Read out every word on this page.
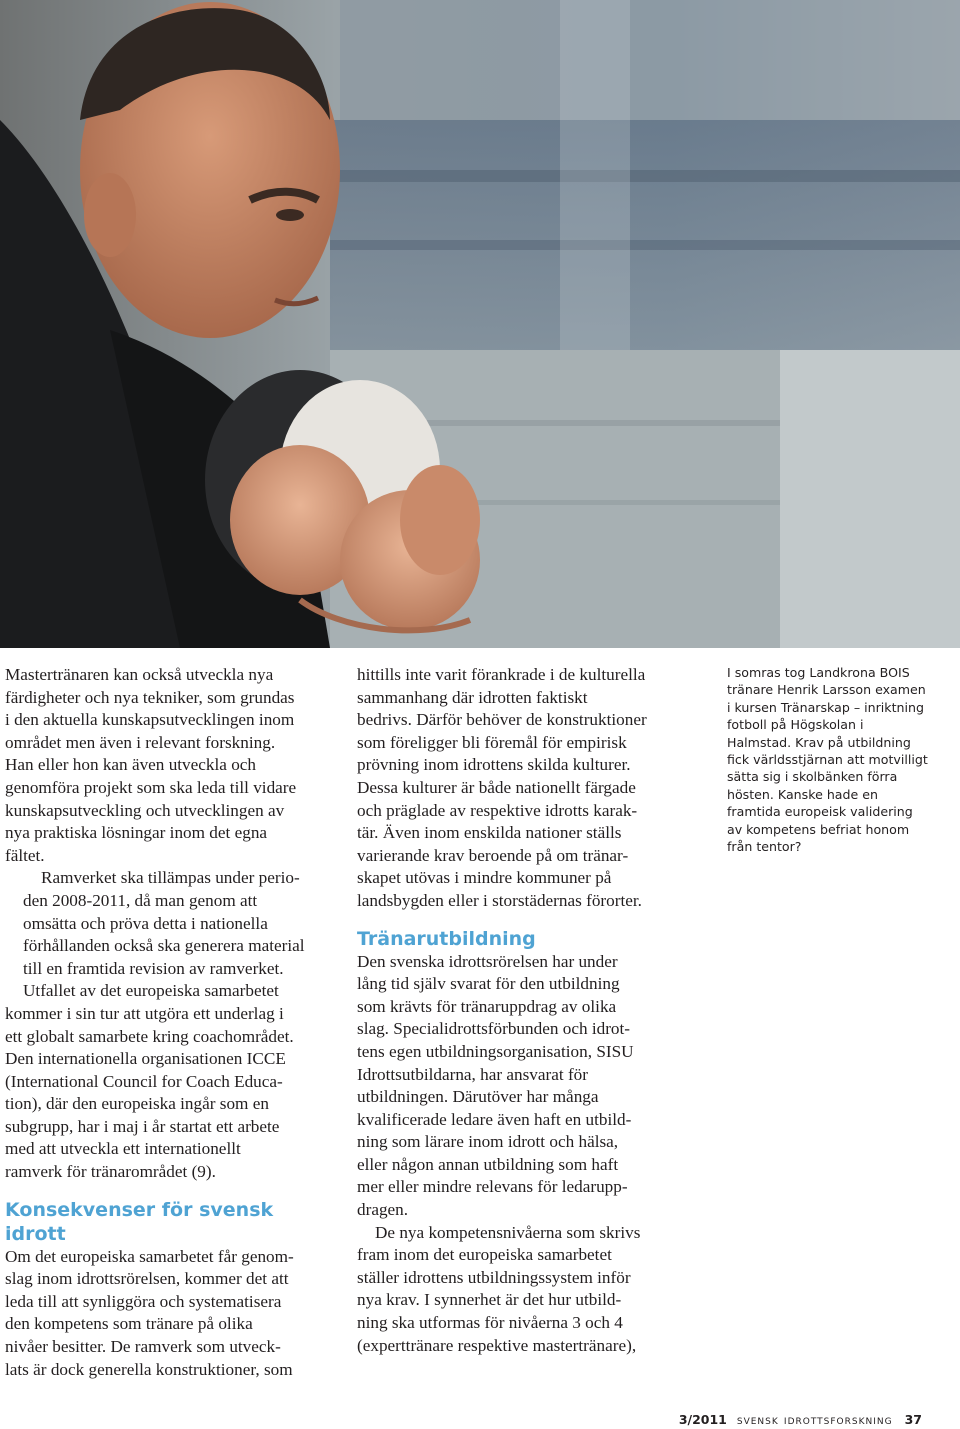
Mastertränaren kan också utveckla nya
färdigheter och nya tekniker, som grundas
i den aktuella kunskapsutvecklingen inom
området men även i relevant forskning.
Han eller hon kan även utveckla och
genomföra projekt som ska leda till vidare
kunskapsutveckling och utvecklingen av
nya praktiska lösningar inom det egna
fältet.

Ramverket ska tillämpas under perio-
den 2008-2011, då man genom att
omsätta och pröva detta i nationella
förhållanden också ska generera material
till en framtida revision av ramverket.

Utfallet av det europeiska samarbetet
kommer i sin tur att utgöra ett underlag i
ett globalt samarbete kring coachområdet.
Den internationella organisationen ICCE
(International Council for Coach Educa-
tion), där den europeiska ingår som en
subgrupp, har i maj i år startat ett arbete
med att utveckla ett internationellt
ramverk för tränarområdet (9).

Konsekvenser för svensk idrott

Om det europeiska samarbetet får genom-
slag inom idrottsrörelsen, kommer det att
leda till att synliggöra och systematisera
den kompetens som tränare på olika
nivåer besitter. De ramverk som utveck-
lats är dock generella konstruktioner, som

hittills inte varit förankrade i de kulturella
sammanhang där idrotten faktiskt
bedrivs. Därför behöver de konstruktioner
som föreligger bli föremål för empirisk
prövning inom idrottens skilda kulturer.
Dessa kulturer är både nationellt färgade
och präglade av respektive idrotts karak-
tär. Även inom enskilda nationer ställs
varierande krav beroende på om tränar-
skapet utövas i mindre kommuner på
landsbygden eller i storstädernas förorter.

Tränarutbildning

Den svenska idrottsrörelsen har under
lång tid själv svarat för den utbildning
som krävts för tränaruppdrag av olika
slag. Specialidrottsförbunden och idrot-
tens egen utbildningsorganisation, SISU
Idrottsutbildarna, har ansvarat för
utbildningen. Därutöver har många
kvalificerade ledare även haft en utbild-
ning som lärare inom idrott och hälsa,
eller någon annan utbildning som haft
mer eller mindre relevans för ledarupp-
dragen.

De nya kompetensnivåerna som skrivs
fram inom det europeiska samarbetet
ställer idrottens utbildningssystem inför
nya krav. I synnerhet är det hur utbild-
ning ska utformas för nivåerna 3 och 4
(experttränare respektive mastertränare),

I somras tog Landkrona BOIS
tränare Henrik Larsson examen
i kursen Tränarskap – inriktning
fotboll på Högskolan i
Halmstad. Krav på utbildning
fick världsstjärnan att motvilligt
sätta sig i skolbänken förra
hösten. Kanske hade en
framtida europeisk validering
av kompetens befriat honom
från tentor?
3/2011 svensk idrottsforskning 37
